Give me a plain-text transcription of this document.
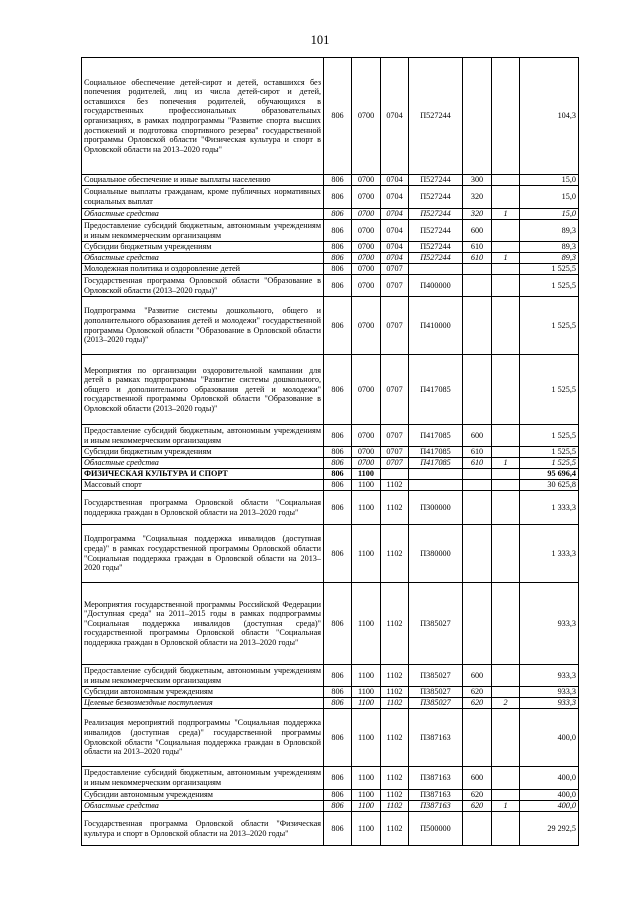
101
Социальное обеспечение детей-сирот и детей, оставшихся без попечения родителей, лиц из числа детей-сирот и детей, оставшихся без попечения родителей, обучающихся в государственных профессиональных образовательных организациях, в рамках подпрограммы "Развитие спорта высших достижений и подготовка спортивного резерва" государственной программы Орловской области "Физическая культура и спорт в Орловской области на 2013–2020 годы"	806	0700	0704	П527244			104,3
Социальное обеспечение и иные выплаты населению	806	0700	0704	П527244	300		15,0
Социальные выплаты гражданам, кроме публичных нормативных социальных выплат	806	0700	0704	П527244	320		15,0
Областные средства	806	0700	0704	П527244	320	1	15,0
Предоставление субсидий бюджетным, автономным учреждениям и иным некоммерческим организациям	806	0700	0704	П527244	600		89,3
Субсидии бюджетным учреждениям	806	0700	0704	П527244	610		89,3
Областные средства	806	0700	0704	П527244	610	1	89,3
Молодежная политика и оздоровление детей	806	0700	0707				1 525,5
Государственная программа Орловской области "Образование в Орловской области (2013–2020 годы)"	806	0700	0707	П400000			1 525,5
Подпрограмма "Развитие системы дошкольного, общего и дополнительного образования детей и молодежи" государственной программы Орловской области "Образование в Орловской области (2013–2020 годы)"	806	0700	0707	П410000			1 525,5
Мероприятия по организации оздоровительной кампании для детей в рамках подпрограммы "Развитие системы дошкольного, общего и дополнительного образования детей и молодежи" государственной программы Орловской области "Образование в Орловской области (2013–2020 годы)"	806	0700	0707	П417085			1 525,5
Предоставление субсидий бюджетным, автономным учреждениям и иным некоммерческим организациям	806	0700	0707	П417085	600		1 525,5
Субсидии бюджетным учреждениям	806	0700	0707	П417085	610		1 525,5
Областные средства	806	0700	0707	П417085	610	1	1 525,5
ФИЗИЧЕСКАЯ КУЛЬТУРА И СПОРТ	806	1100					95 696,4
Массовый спорт	806	1100	1102				30 625,8
Государственная программа Орловской области "Социальная поддержка граждан в Орловской области на 2013–2020 годы"	806	1100	1102	П300000			1 333,3
Подпрограмма "Социальная поддержка инвалидов (доступная среда)" в рамках государственной программы Орловской области "Социальная поддержка граждан в Орловской области на 2013–2020 годы"	806	1100	1102	П380000			1 333,3
Мероприятия государственной программы Российской Федерации "Доступная среда" на 2011–2015 годы в рамках подпрограммы "Социальная поддержка инвалидов (доступная среда)" государственной программы Орловской области "Социальная поддержка граждан в Орловской области на 2013–2020 годы"	806	1100	1102	П385027			933,3
Предоставление субсидий бюджетным, автономным учреждениям и иным некоммерческим организациям	806	1100	1102	П385027	600		933,3
Субсидии автономным учреждениям	806	1100	1102	П385027	620		933,3
Целевые безвозмездные поступления	806	1100	1102	П385027	620	2	933,3
Реализация мероприятий подпрограммы "Социальная поддержка инвалидов (доступная среда)" государственной программы Орловской области "Социальная поддержка граждан в Орловской области на 2013–2020 годы"	806	1100	1102	П387163			400,0
Предоставление субсидий бюджетным, автономным учреждениям и иным некоммерческим организациям	806	1100	1102	П387163	600		400,0
Субсидии автономным учреждениям	806	1100	1102	П387163	620		400,0
Областные средства	806	1100	1102	П387163	620	1	400,0
Государственная программа Орловской области "Физическая культура и спорт в Орловской области на 2013–2020 годы"	806	1100	1102	П500000			29 292,5
